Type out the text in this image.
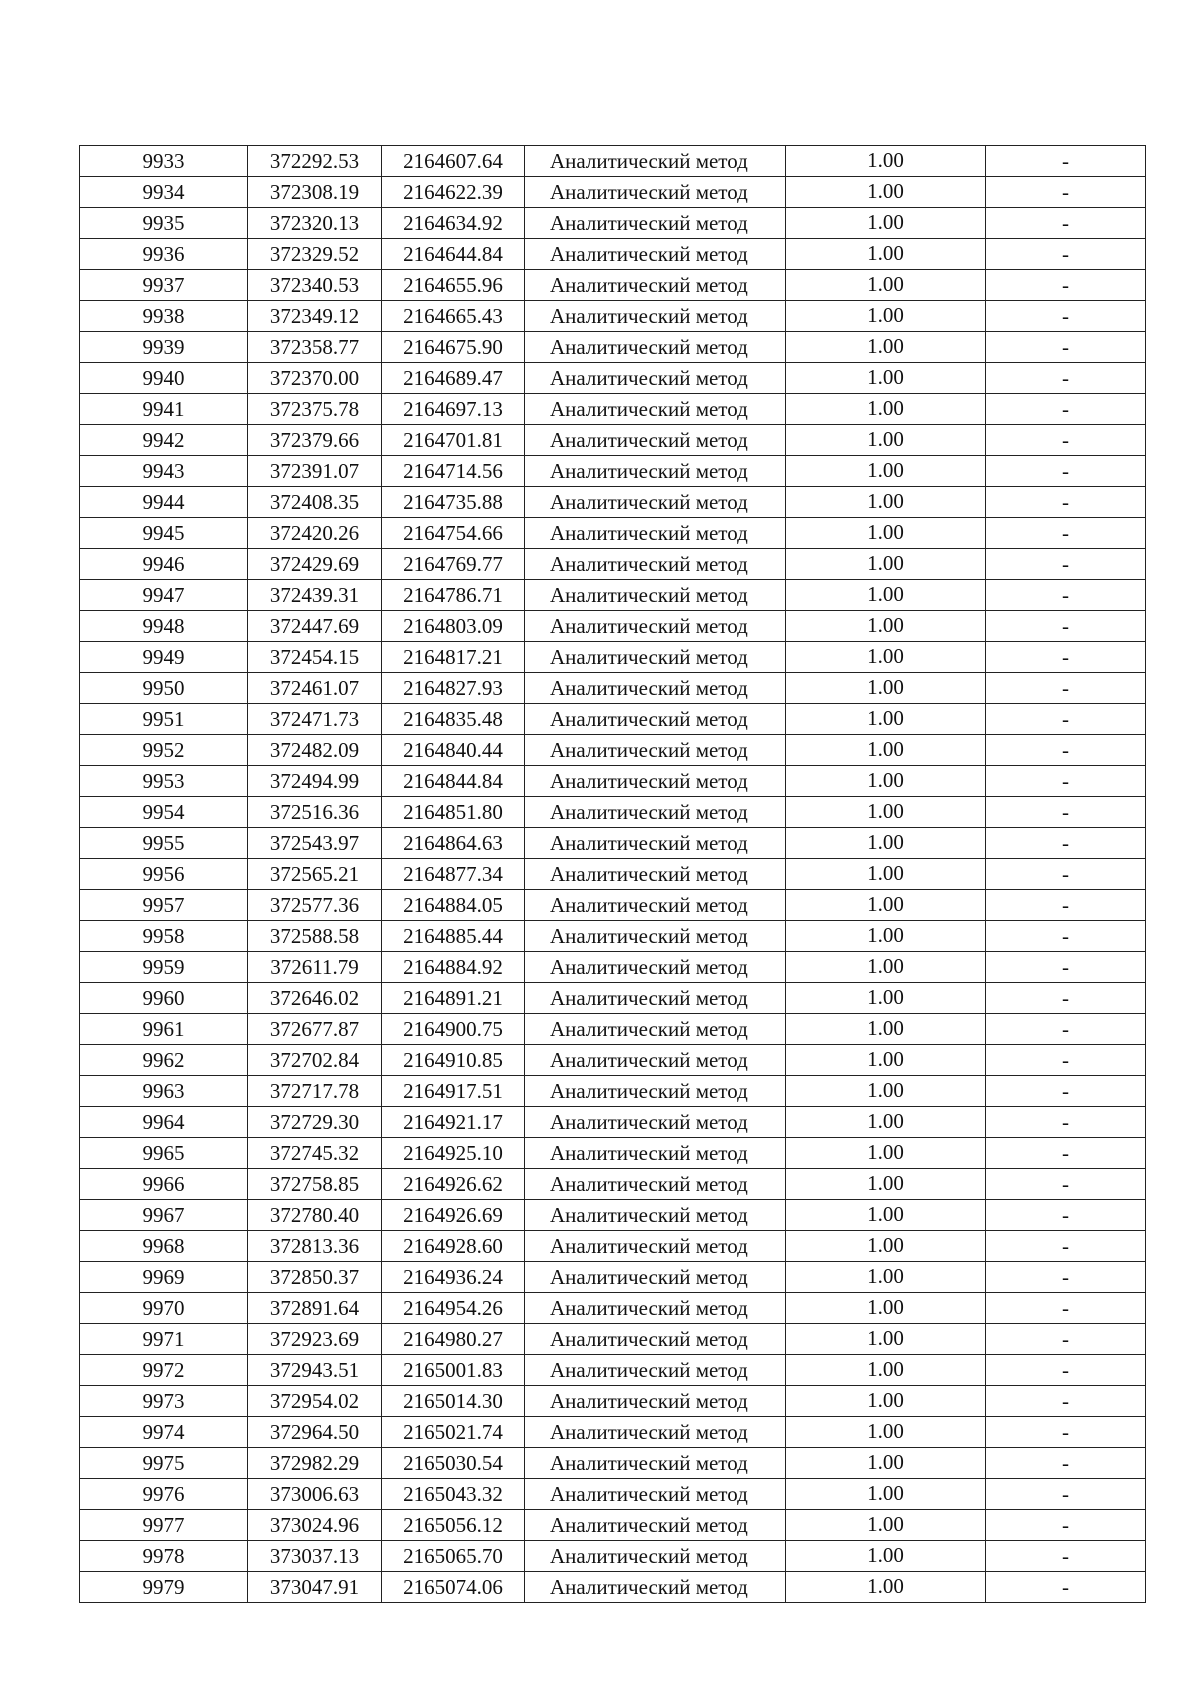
9933	372292.53	2164607.64	Аналитический метод	1.00	-
9934	372308.19	2164622.39	Аналитический метод	1.00	-
9935	372320.13	2164634.92	Аналитический метод	1.00	-
9936	372329.52	2164644.84	Аналитический метод	1.00	-
9937	372340.53	2164655.96	Аналитический метод	1.00	-
9938	372349.12	2164665.43	Аналитический метод	1.00	-
9939	372358.77	2164675.90	Аналитический метод	1.00	-
9940	372370.00	2164689.47	Аналитический метод	1.00	-
9941	372375.78	2164697.13	Аналитический метод	1.00	-
9942	372379.66	2164701.81	Аналитический метод	1.00	-
9943	372391.07	2164714.56	Аналитический метод	1.00	-
9944	372408.35	2164735.88	Аналитический метод	1.00	-
9945	372420.26	2164754.66	Аналитический метод	1.00	-
9946	372429.69	2164769.77	Аналитический метод	1.00	-
9947	372439.31	2164786.71	Аналитический метод	1.00	-
9948	372447.69	2164803.09	Аналитический метод	1.00	-
9949	372454.15	2164817.21	Аналитический метод	1.00	-
9950	372461.07	2164827.93	Аналитический метод	1.00	-
9951	372471.73	2164835.48	Аналитический метод	1.00	-
9952	372482.09	2164840.44	Аналитический метод	1.00	-
9953	372494.99	2164844.84	Аналитический метод	1.00	-
9954	372516.36	2164851.80	Аналитический метод	1.00	-
9955	372543.97	2164864.63	Аналитический метод	1.00	-
9956	372565.21	2164877.34	Аналитический метод	1.00	-
9957	372577.36	2164884.05	Аналитический метод	1.00	-
9958	372588.58	2164885.44	Аналитический метод	1.00	-
9959	372611.79	2164884.92	Аналитический метод	1.00	-
9960	372646.02	2164891.21	Аналитический метод	1.00	-
9961	372677.87	2164900.75	Аналитический метод	1.00	-
9962	372702.84	2164910.85	Аналитический метод	1.00	-
9963	372717.78	2164917.51	Аналитический метод	1.00	-
9964	372729.30	2164921.17	Аналитический метод	1.00	-
9965	372745.32	2164925.10	Аналитический метод	1.00	-
9966	372758.85	2164926.62	Аналитический метод	1.00	-
9967	372780.40	2164926.69	Аналитический метод	1.00	-
9968	372813.36	2164928.60	Аналитический метод	1.00	-
9969	372850.37	2164936.24	Аналитический метод	1.00	-
9970	372891.64	2164954.26	Аналитический метод	1.00	-
9971	372923.69	2164980.27	Аналитический метод	1.00	-
9972	372943.51	2165001.83	Аналитический метод	1.00	-
9973	372954.02	2165014.30	Аналитический метод	1.00	-
9974	372964.50	2165021.74	Аналитический метод	1.00	-
9975	372982.29	2165030.54	Аналитический метод	1.00	-
9976	373006.63	2165043.32	Аналитический метод	1.00	-
9977	373024.96	2165056.12	Аналитический метод	1.00	-
9978	373037.13	2165065.70	Аналитический метод	1.00	-
9979	373047.91	2165074.06	Аналитический метод	1.00	-
